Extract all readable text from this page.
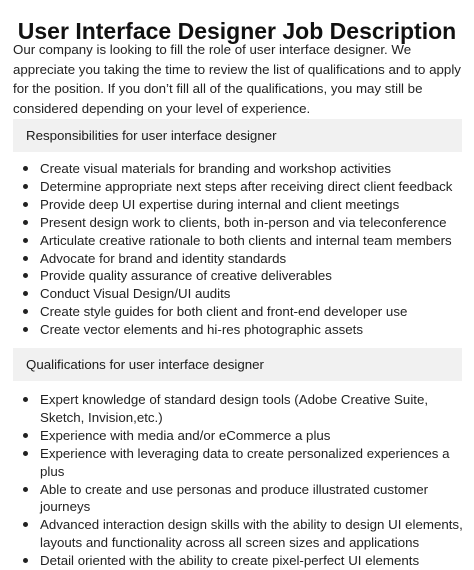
User Interface Designer Job Description

Our company is looking to fill the role of user interface designer. We appreciate you taking the time to review the list of qualifications and to apply for the position. If you don’t fill all of the qualifications, you may still be considered depending on your level of experience.

Responsibilities for user interface designer
Create visual materials for branding and workshop activities
Determine appropriate next steps after receiving direct client feedback
Provide deep UI expertise during internal and client meetings
Present design work to clients, both in-person and via teleconference
Articulate creative rationale to both clients and internal team members
Advocate for brand and identity standards
Provide quality assurance of creative deliverables
Conduct Visual Design/UI audits
Create style guides for both client and front-end developer use
Create vector elements and hi-res photographic assets
Qualifications for user interface designer
Expert knowledge of standard design tools (Adobe Creative Suite, Sketch, Invision,etc.)
Experience with media and/or eCommerce a plus
Experience with leveraging data to create personalized experiences a plus
Able to create and use personas and produce illustrated customer journeys
Advanced interaction design skills with the ability to design UI elements, layouts and functionality across all screen sizes and applications
Detail oriented with the ability to create pixel-perfect UI elements
